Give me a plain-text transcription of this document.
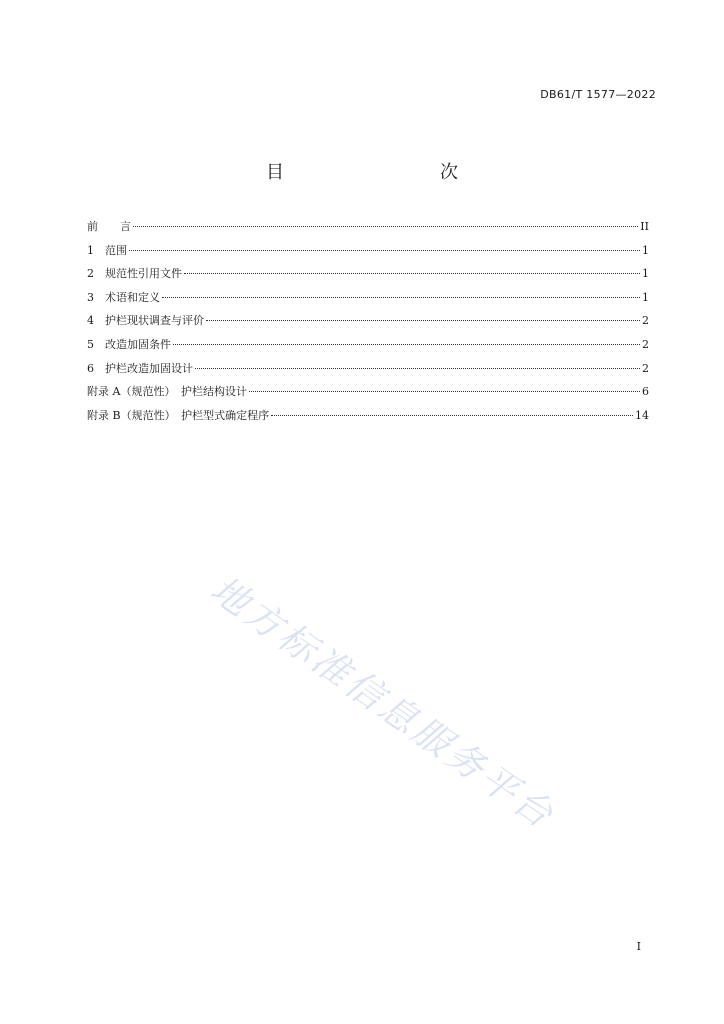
DB61/T 1577—2022
目　　次
前　　言	II
1	范围	1
2	规范性引用文件	1
3	术语和定义	1
4	护栏现状调查与评价	2
5	改造加固条件	2
6	护栏改造加固设计	2
附录 A（规范性）　护栏结构设计	6
附录 B（规范性）　护栏型式确定程序	14
地方标准信息服务平台
I
